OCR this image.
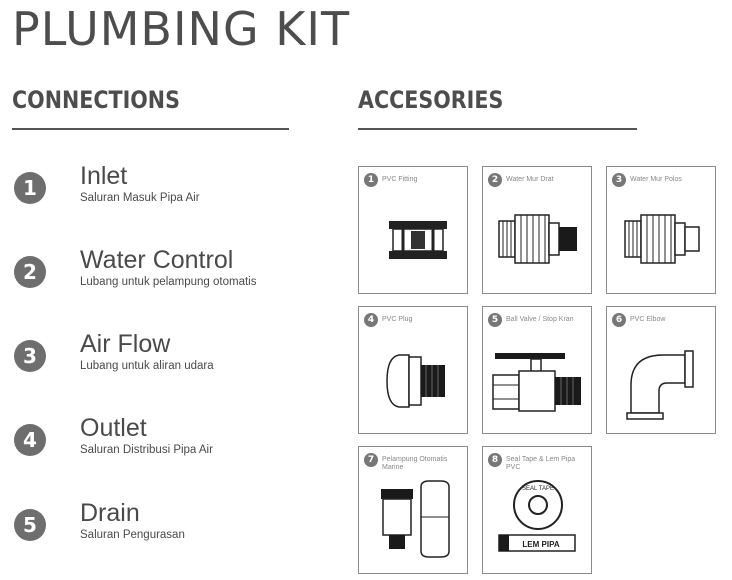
PLUMBING KIT
CONNECTIONS
1	Inlet
Saluran Masuk Pipa Air
2	Water Control
Lubang untuk pelampung otomatis
3	Air Flow
Lubang untuk aliran udara
4	Outlet
Saluran Distribusi Pipa Air
5	Drain
Saluran Pengurasan
ACCESORIES
1	PVC Fitting	2	Water Mur Drat	3	Water Mur Polos
4	PVC Plug	5	Ball Valve / Stop Kran	6	PVC Elbow
7	Pelampung Otomatis Marine
8	Seal Tape & Lem Pipa PVC
SEAL TAPE
LEM PIPA
